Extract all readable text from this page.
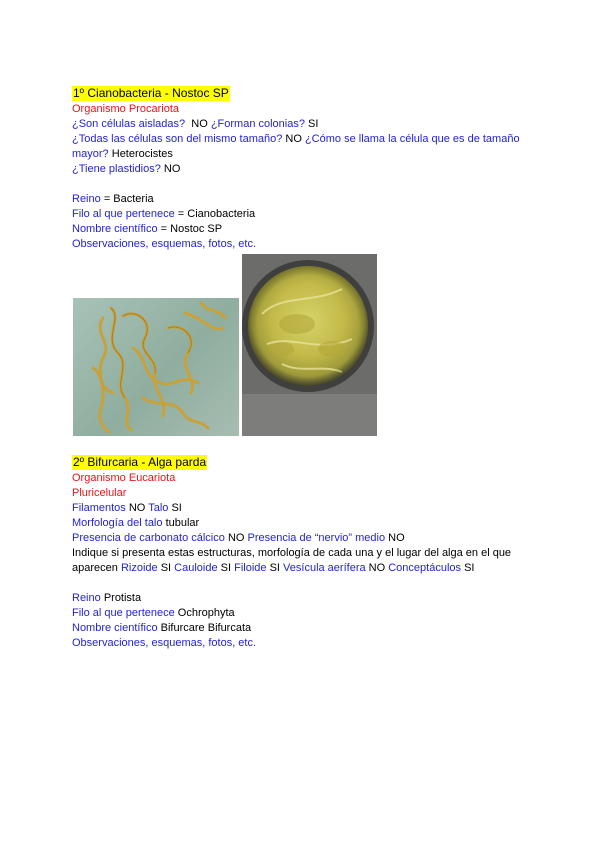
1º Cianobacteria - Nostoc SP
Organismo Procariota
¿Son células aisladas? NO ¿Forman colonias? SI
¿Todas las células son del mismo tamaño? NO ¿Cómo se llama la célula que es de tamaño mayor? Heterocistes
¿Tiene plastidios? NO
Reino = Bacteria
Filo al que pertenece = Cianobacteria
Nombre científico = Nostoc SP
Observaciones, esquemas, fotos, etc.
2º Bifurcaria - Alga parda
Organismo Eucariota
Pluricelular
Filamentos NO Talo SI
Morfología del talo tubular
Presencia de carbonato cálcico NO Presencia de “nervio” medio NO
Indique si presenta estas estructuras, morfología de cada una y el lugar del alga en el que aparecen Rizoide SI Cauloide SI Filoide SI Vesícula aerífera NO Conceptáculos SI
Reino Protista
Filo al que pertenece Ochrophyta
Nombre científico Bifurcare Bifurcata
Observaciones, esquemas, fotos, etc.
